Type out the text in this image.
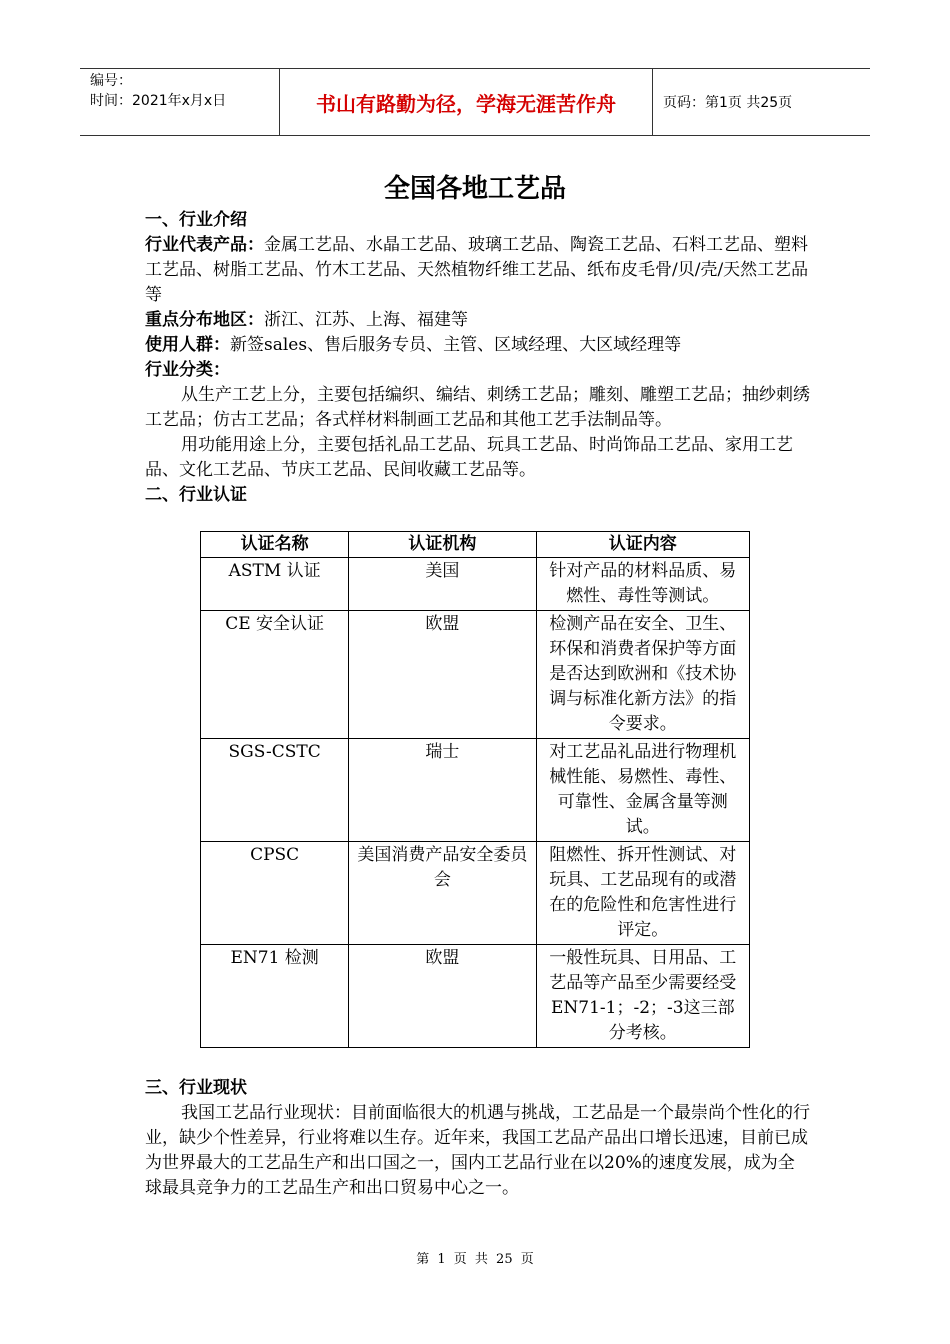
编号：
时间：2021年x月x日	书山有路勤为径，学海无涯苦作舟	页码：第1页 共25页
全国各地工艺品

一、行业介绍

行业代表产品：金属工艺品、水晶工艺品、玻璃工艺品、陶瓷工艺品、石料工艺品、塑料工艺品、树脂工艺品、竹木工艺品、天然植物纤维工艺品、纸布皮毛骨/贝/壳/天然工艺品等

重点分布地区：浙江、江苏、上海、福建等

使用人群：新签sales、售后服务专员、主管、区域经理、大区域经理等

行业分类：

从生产工艺上分，主要包括编织、编结、刺绣工艺品；雕刻、雕塑工艺品；抽纱刺绣工艺品；仿古工艺品；各式样材料制画工艺品和其他工艺手法制品等。

用功能用途上分，主要包括礼品工艺品、玩具工艺品、时尚饰品工艺品、家用工艺品、文化工艺品、节庆工艺品、民间收藏工艺品等。

二、行业认证

认证名称	认证机构	认证内容
ASTM 认证	美国	针对产品的材料品质、易燃性、毒性等测试。
CE 安全认证	欧盟	检测产品在安全、卫生、环保和消费者保护等方面是否达到欧洲和《技术协调与标准化新方法》的指令要求。
SGS-CSTC	瑞士	对工艺品礼品进行物理机械性能、易燃性、毒性、可靠性、金属含量等测试。
CPSC	美国消费产品安全委员会	阻燃性、拆开性测试、对玩具、工艺品现有的或潜在的危险性和危害性进行评定。
EN71 检测	欧盟	一般性玩具、日用品、工艺品等产品至少需要经受EN71-1；-2；-3这三部分考核。

三、行业现状

我国工艺品行业现状：目前面临很大的机遇与挑战，工艺品是一个最崇尚个性化的行业，缺少个性差异，行业将难以生存。近年来，我国工艺品产品出口增长迅速，目前已成为世界最大的工艺品生产和出口国之一，国内工艺品行业在以20%的速度发展，成为全球最具竞争力的工艺品生产和出口贸易中心之一。

第 1 页 共 25 页
